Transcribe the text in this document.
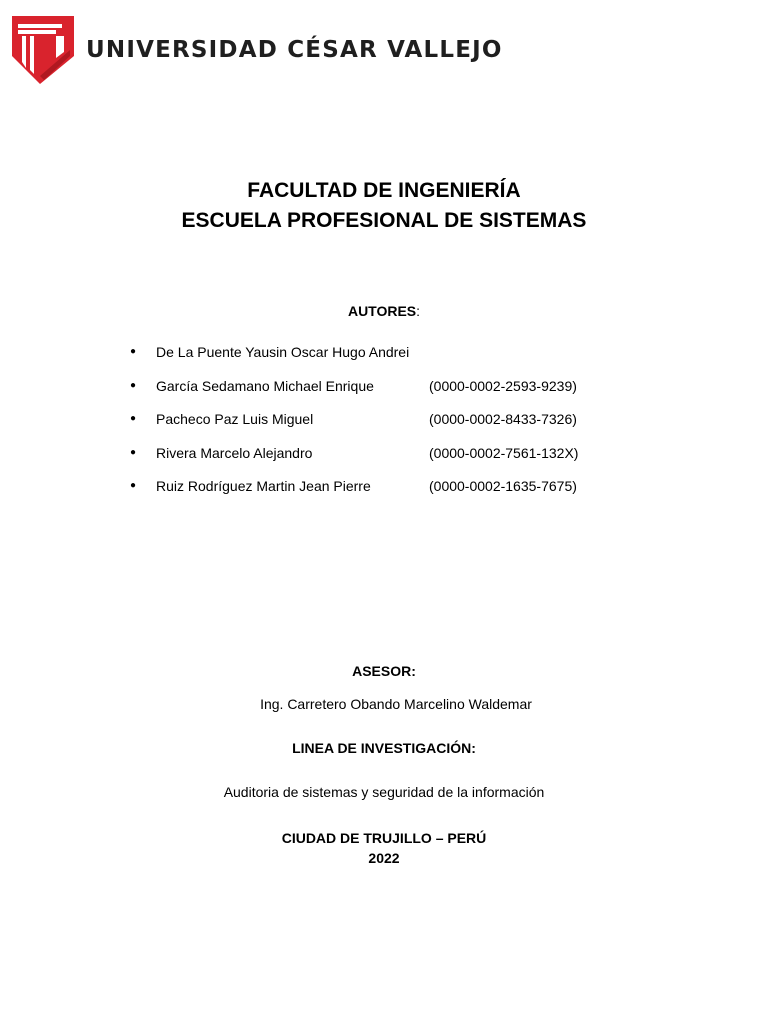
UNIVERSIDAD CÉSAR VALLEJO
FACULTAD DE INGENIERÍA
ESCUELA PROFESIONAL DE SISTEMAS
AUTORES:
●	De La Puente Yausin Oscar Hugo Andrei
●	García Sedamano Michael Enrique	(0000-0002-2593-9239)
●	Pacheco Paz Luis Miguel	(0000-0002-8433-7326)
●	Rivera Marcelo Alejandro	(0000-0002-7561-132X)
●	Ruiz Rodríguez Martin Jean Pierre	(0000-0002-1635-7675)
ASESOR:
Ing. Carretero Obando Marcelino Waldemar
LINEA DE INVESTIGACIÓN:
Auditoria de sistemas y seguridad de la información
CIUDAD DE TRUJILLO – PERÚ
2022
